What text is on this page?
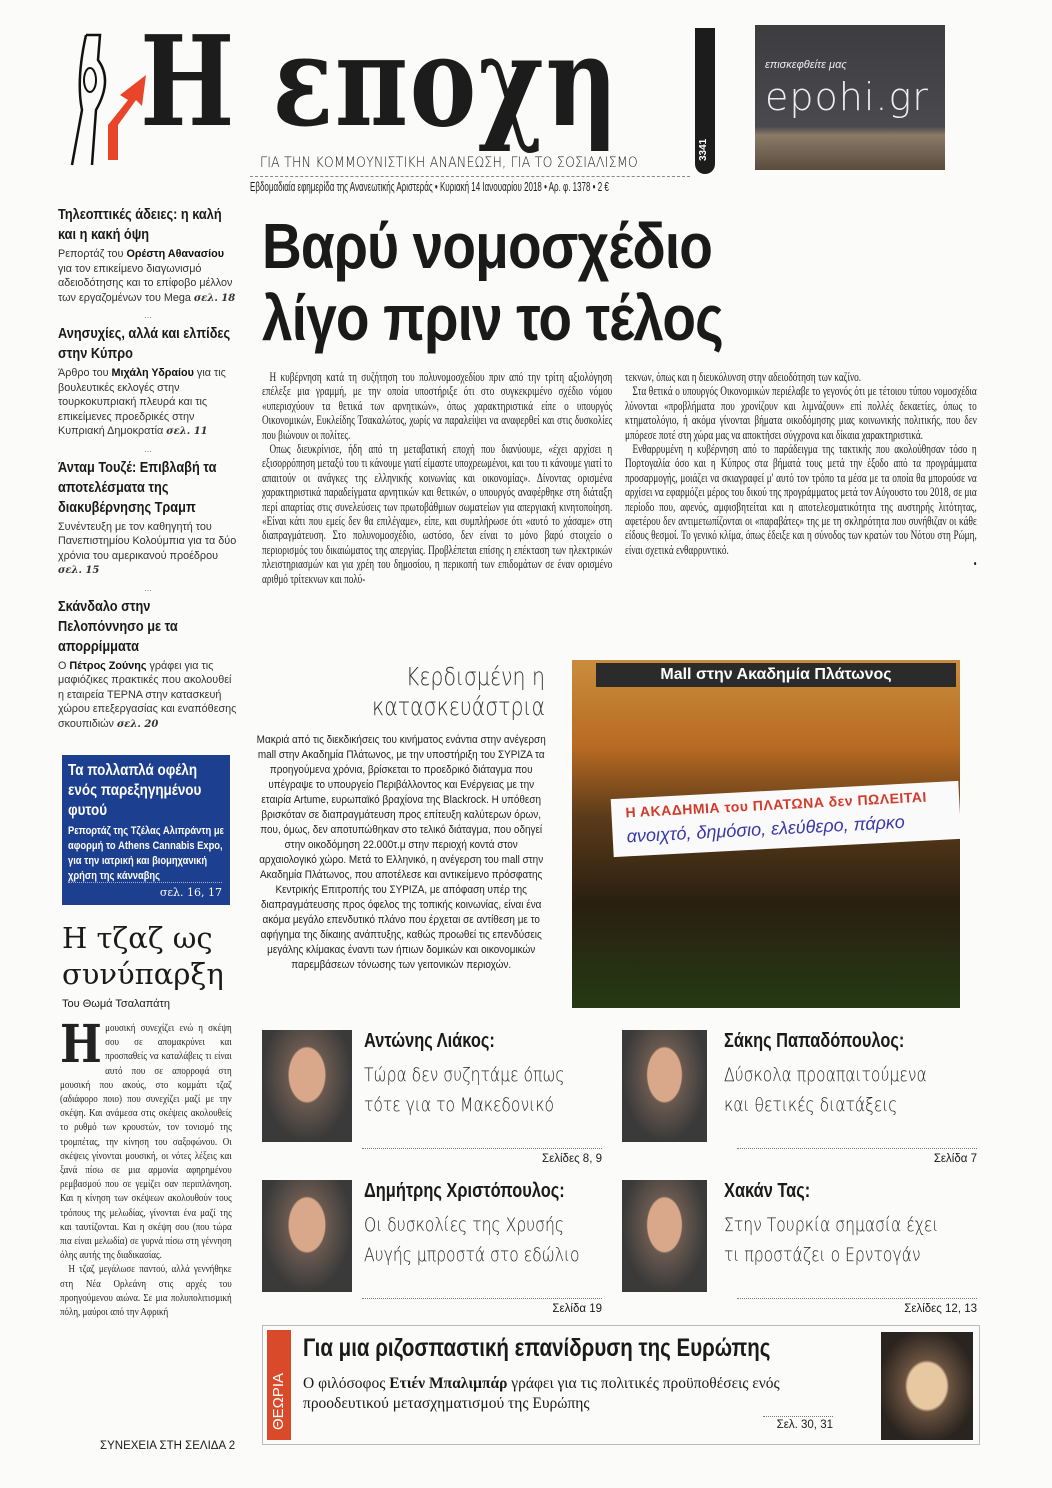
Η εποχη
ΓΙΑ ΤΗΝ ΚΟΜΜΟΥΝΙΣΤΙΚΗ ΑΝΑΝΕΩΣΗ, ΓΙΑ ΤΟ ΣΟΣΙΑΛΙΣΜΟ
Εβδομαδιαία εφημερίδα της Ανανεωτικής Αριστεράς • Κυριακή 14 Ιανουαρίου 2018 • Αρ. φ. 1378 • 2 €
3341
επισκεφθείτε μας
epohi.gr
Τηλεοπτικές άδειες: η καλή και η κακή όψη

Ρεπορτάζ του Ορέστη Αθανασίου για τον επικείμενο διαγωνισμό αδειοδότησης και το επίφοβο μέλλον των εργαζομένων του Mega σελ. 18

...
Ανησυχίες, αλλά και ελπίδες στην Κύπρο

Άρθρο του Μιχάλη Υδραίου για τις βουλευτικές εκλογές στην τουρκοκυπριακή πλευρά και τις επικείμενες προεδρικές στην Κυπριακή Δημοκρατία σελ. 11

...
Άνταμ Τουζέ: Επιβλαβή τα αποτελέσματα της διακυβέρνησης Τραμπ

Συνέντευξη με τον καθηγητή του Πανεπιστημίου Κολούμπια για τα δύο χρόνια του αμερικανού προέδρου σελ. 15

...
Σκάνδαλο στην Πελοπόννησο με τα απορρίμματα

Ο Πέτρος Ζούνης γράφει για τις μαφιόζικες πρακτικές που ακολουθεί η εταιρεία ΤΕΡΝΑ στην κατασκευή χώρου επεξεργασίας και εναπόθεσης σκουπιδιών σελ. 20

Τα πολλαπλά οφέλη ενός παρεξηγημένου φυτού

Ρεπορτάζ της Τζέλας Αλιπράντη με αφορμή το Athens Cannabis Expo, για την ιατρική και βιομηχανική χρήση της κάνναβης

σελ. 16, 17
Η τζαζ ως συνύπαρξη
Του Θωμά Τσαλαπάτη

Ημουσική συνεχίζει ενώ η σκέψη σου σε απομακρύνει και προσπαθείς να καταλάβεις τι είναι αυτό που σε απορροφά στη μουσική που ακούς, στο κομμάτι τζαζ (αδιάφορο ποιο) που συνεχίζει μαζί με την σκέψη. Και ανάμεσα στις σκέψεις ακολουθείς το ρυθμό των κρουστών, τον τονισμό της τρομπέτας, την κίνηση του σαξοφώνου. Οι σκέψεις γίνονται μουσική, οι νότες λέξεις και ξανά πίσω σε μια αρμονία αφηρημένου ρεμβασμού που σε γεμίζει σαν περιπλάνηση. Και η κίνηση των σκέψεων ακολουθούν τους τρόπους της μελωδίας, γίνονται ένα μαζί της και ταυτίζονται. Και η σκέψη σου (που τώρα πια είναι μελωδία) σε γυρνά πίσω στη γέννηση όλης αυτής της διαδικασίας.

Η τζαζ μεγάλωσε παντού, αλλά γεννήθηκε στη Νέα Ορλεάνη στις αρχές του προηγούμενου αιώνα. Σε μια πολυπολιτισμική πόλη, μαύροι από την Αφρική

ΣΥΝΕΧΕΙΑ ΣΤΗ ΣΕΛΙΔΑ 2
Βαρύ νομοσχέδιο
λίγο πριν το τέλος

Η κυβέρνηση κατά τη συζήτηση του πολυνομοσχεδίου πριν από την τρίτη αξιολόγηση επέλεξε μια γραμμή, με την οποία υποστήριξε ότι στο συγκεκριμένο σχέδιο νόμου «υπερισχύουν τα θετικά των αρνητικών», όπως χαρακτηριστικά είπε ο υπουργός Οικονομικών, Ευκλείδης Τσακαλώτος, χωρίς να παραλείψει να αναφερθεί και στις δυσκολίες που βιώνουν οι πολίτες.

Οπως διευκρίνισε, ήδη από τη μεταβατική εποχή που διανύουμε, «έχει αρχίσει η εξισορρόπηση μεταξύ του τι κάνουμε γιατί είμαστε υποχρεωμένοι, και του τι κάνουμε γιατί το απαιτούν οι ανάγκες της ελληνικής κοινωνίας και οικονομίας». Δίνοντας ορισμένα χαρακτηριστικά παραδείγματα αρνητικών και θετικών, ο υπουργός αναφέρθηκε στη διάταξη περί απαρτίας στις συνελεύσεις των πρωτοβάθμιων σωματείων για απεργιακή κινητοποίηση. «Είναι κάτι που εμείς δεν θα επιλέγαμε», είπε, και συμπλήρωσε ότι «αυτό το χάσαμε» στη διαπραγμάτευση. Στο πολυνομοσχέδιο, ωστόσο, δεν είναι το μόνο βαρύ στοιχείο ο περιορισμός του δικαιώματος της απεργίας. Προβλέπεται επίσης η επέκταση των ηλεκτρικών πλειστηριασμών και για χρέη του δημοσίου, η περικοπή των επιδομάτων σε έναν ορισμένο αριθμό τρίτεκνων και πολύ-

τεκνων, όπως και η διευκόλυνση στην αδειοδότηση των καζίνο.

Στα θετικά ο υπουργός Οικονομικών περιέλαβε το γεγονός ότι με τέτοιου τύπου νομοσχέδια λύνονται «προβλήματα που χρονίζουν και λιμνάζουν» επί πολλές δεκαετίες, όπως το κτηματολόγιο, ή ακόμα γίνονται βήματα οικοδόμησης μιας κοινωνικής πολιτικής, που δεν μπόρεσε ποτέ στη χώρα μας να αποκτήσει σύγχρονα και δίκαια χαρακτηριστικά.

Ενθαρρυμένη η κυβέρνηση από το παράδειγμα της τακτικής που ακολούθησαν τόσο η Πορτογαλία όσο και η Κύπρος στα βήματά τους μετά την έξοδο από τα προγράμματα προσαρμογής, μοιάζει να σκιαγραφεί μ' αυτό τον τρόπο τα μέσα με τα οποία θα μπορούσε να αρχίσει να εφαρμόζει μέρος του δικού της προγράμματος μετά τον Αύγουστο του 2018, σε μια περίοδο που, αφενός, αμφισβητείται και η αποτελεσματικότητα της αυστηρής λιτότητας, αφετέρου δεν αντιμετωπίζονται οι «παραβάτες» της με τη σκληρότητα που συνήθιζαν οι κάθε είδους θεσμοί. Το γενικό κλίμα, όπως έδειξε και η σύνοδος των κρατών του Νότου στη Ρώμη, είναι σχετικά ενθαρρυντικό.

•
Κερδισμένη η κατασκευάστρια
Μακριά από τις διεκδικήσεις του κινήματος ενάντια στην ανέγερση mall στην Ακαδημία Πλάτωνος, με την υποστήριξη του ΣΥΡΙΖΑ τα προηγούμενα χρόνια, βρίσκεται το προεδρικό διάταγμα που υπέγραψε το υπουργείο Περιβάλλοντος και Ενέργειας με την εταιρία Artume, ευρωπαϊκό βραχίονα της Blackrock. Η υπόθεση βρισκόταν σε διαπραγμάτευση προς επίτευξη καλύτερων όρων, που, όμως, δεν αποτυπώθηκαν στο τελικό διάταγμα, που οδηγεί στην οικοδόμηση 22.000τ.μ στην περιοχή κοντά στον αρχαιολογικό χώρο. Μετά το Ελληνικό, η ανέγερση του mall στην Ακαδημία Πλάτωνος, που αποτέλεσε και αντικείμενο πρόσφατης Κεντρικής Επιτροπής του ΣΥΡΙΖΑ, με απόφαση υπέρ της διαπραγμάτευσης προς όφελος της τοπικής κοινωνίας, είναι ένα ακόμα μεγάλο επενδυτικό πλάνο που έρχεται σε αντίθεση με το αφήγημα της δίκαιης ανάπτυξης, καθώς προωθεί τις επενδύσεις μεγάλης κλίμακας έναντι των ήπιων δομικών και οικονομικών παρεμβάσεων τόνωσης των γειτονικών περιοχών.
Mall στην Ακαδημία Πλάτωνος
Η ΑΚΑΔΗΜΙΑ του ΠΛΑΤΩΝΑ δεν ΠΩΛΕΙΤΑΙ
ανοιχτό, δημόσιο, ελεύθερο, πάρκο
Αντώνης Λιάκος:
Τώρα δεν συζητάμε όπως
τότε για το Μακεδονικό
Σελίδες 8, 9
Σάκης Παπαδόπουλος:
Δύσκολα προαπαιτούμενα
και θετικές διατάξεις
Σελίδα 7
Δημήτρης Χριστόπουλος:
Οι δυσκολίες της Χρυσής
Αυγής μπροστά στο εδώλιο
Σελίδα 19
Χακάν Τας:
Στην Τουρκία σημασία έχει
τι προστάζει ο Ερντογάν
Σελίδες 12, 13
ΘΕΩΡΙΑ
Για μια ριζοσπαστική επανίδρυση της Ευρώπης

Ο φιλόσοφος Ετιέν Μπαλιμπάρ γράφει για τις πολιτικές προϋποθέσεις ενός προοδευτικού μετασχηματισμού της Ευρώπης

Σελ. 30, 31
